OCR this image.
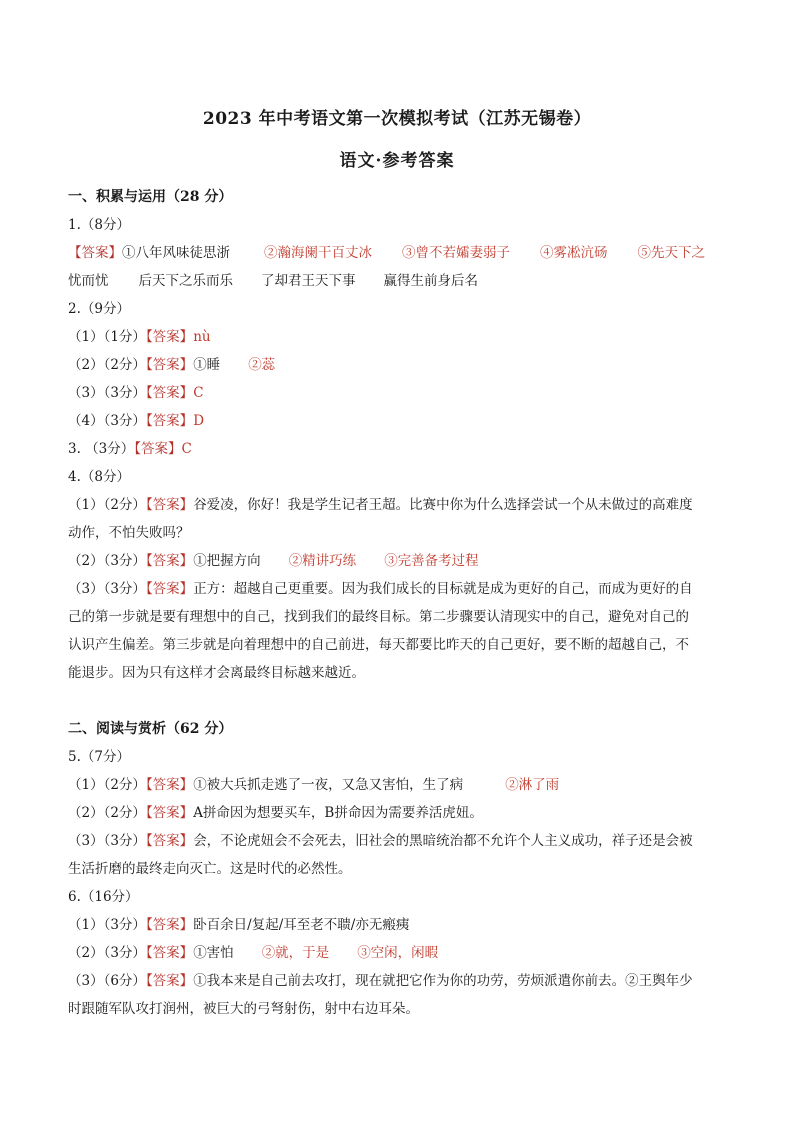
2023 年中考语文第一次模拟考试（江苏无锡卷）
语文·参考答案
一、积累与运用（28 分）
1.（8分）
【答案】①八年风味徒思浙	②瀚海阑干百丈冰 ③曾不若孀妻弱子 ④雾凇沆砀 ⑤先天下之
忧而忧 后天下之乐而乐 了却君王天下事 赢得生前身后名
2.（9分）
（1）（1分）【答案】nù
（2）（2分）【答案】①睡 ②蕊
（3）（3分）【答案】C
（4）（3分）【答案】D
3. （3分）【答案】C
4.（8分）
（1）（2分）【答案】谷爱凌，你好！我是学生记者王超。比赛中你为什么选择尝试一个从未做过的高难度
动作，不怕失败吗？
（2）（3分）【答案】①把握方向 ②精讲巧练 ③完善备考过程
（3）（3分）【答案】正方：超越自己更重要。因为我们成长的目标就是成为更好的自己，而成为更好的自
己的第一步就是要有理想中的自己，找到我们的最终目标。第二步骤要认清现实中的自己，避免对自己的
认识产生偏差。第三步就是向着理想中的自己前进，每天都要比昨天的自己更好，要不断的超越自己，不
能退步。因为只有这样才会离最终目标越来越近。
二、阅读与赏析（62 分）
5.（7分）
（1）（2分）【答案】①被大兵抓走逃了一夜，又急又害怕，生了病	②淋了雨
（2）（2分）【答案】A拼命因为想要买车，B拼命因为需要养活虎妞。
（3）（3分）【答案】会，不论虎妞会不会死去，旧社会的黑暗统治都不允许个人主义成功，祥子还是会被
生活折磨的最终走向灭亡。这是时代的必然性。
6.（16分）
（1）（3分）【答案】卧百余日/复起/耳至老不聩/亦无瘢痍
（2）（3分）【答案】①害怕 ②就，于是 ③空闲，闲暇
（3）（6分）【答案】①我本来是自己前去攻打，现在就把它作为你的功劳，劳烦派遣你前去。②王舆年少
时跟随军队攻打润州，被巨大的弓弩射伤，射中右边耳朵。
